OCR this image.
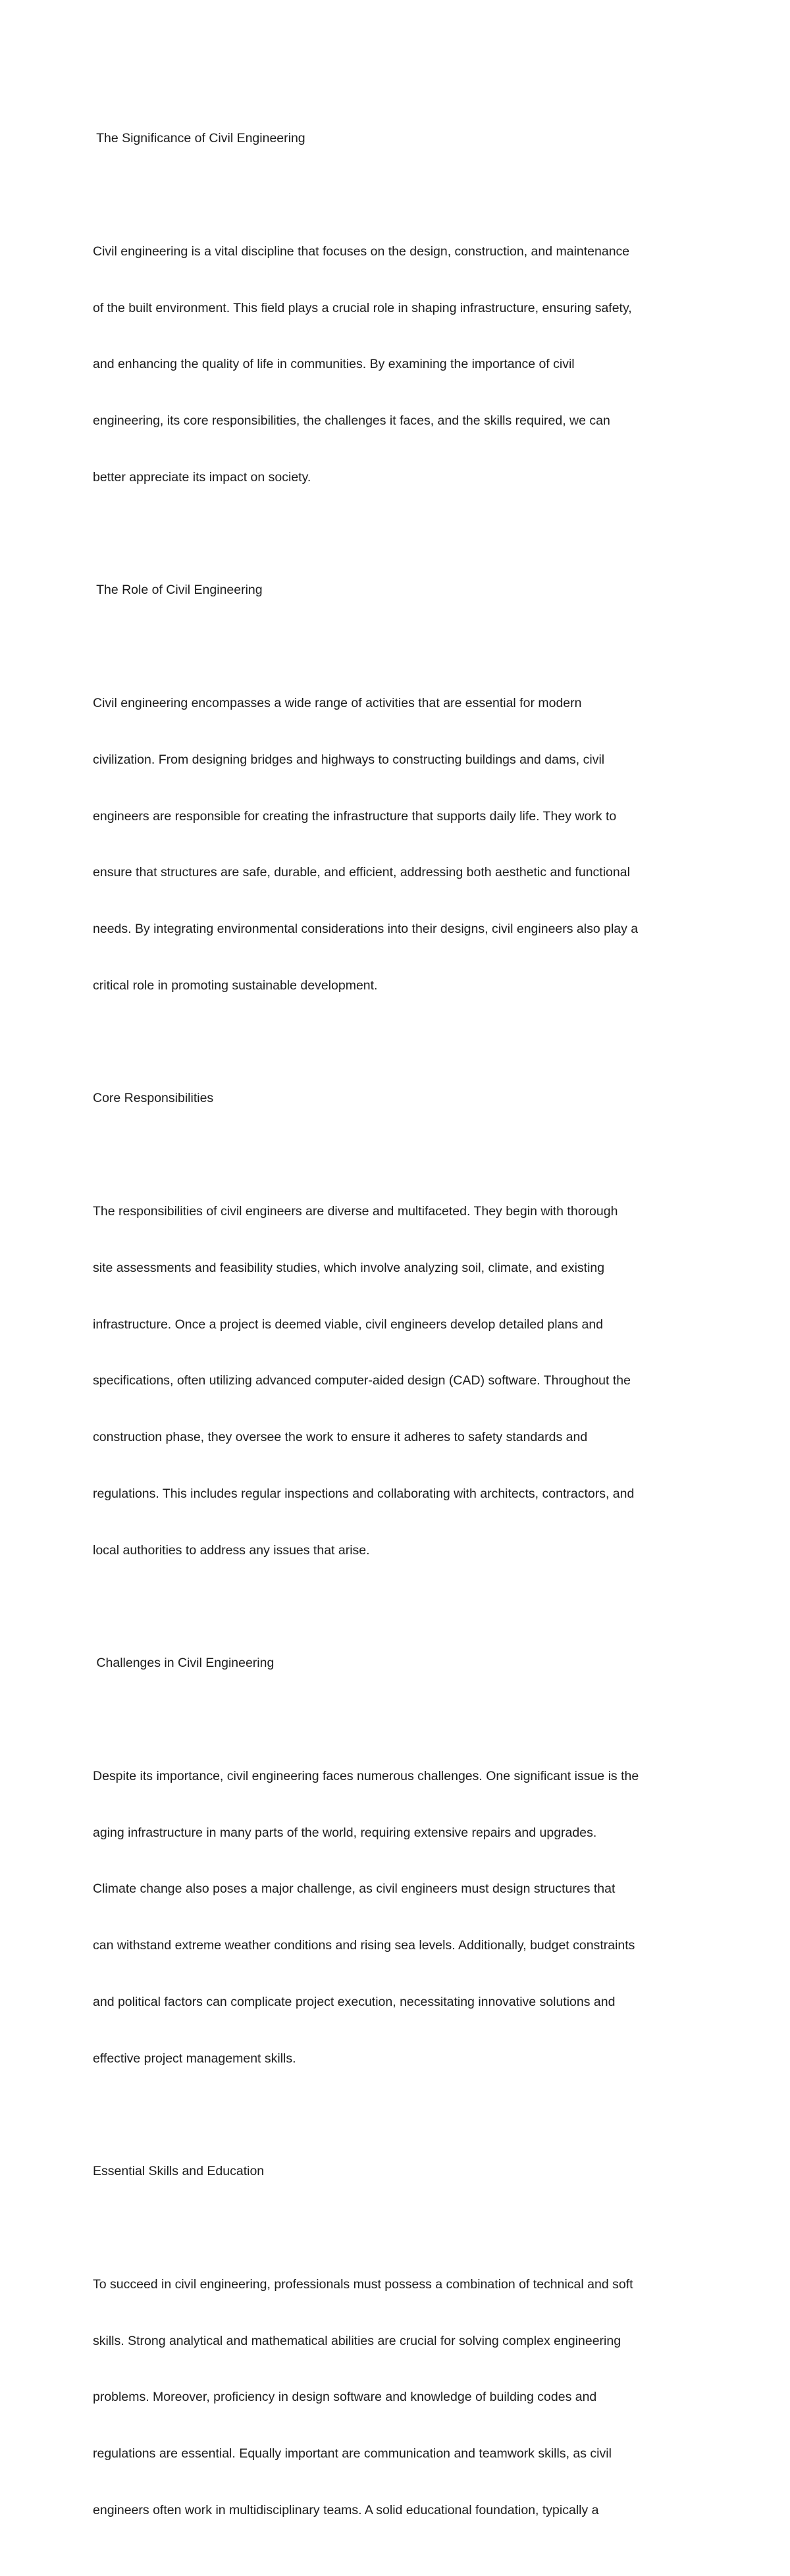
The Significance of Civil Engineering

Civil engineering is a vital discipline that focuses on the design, construction, and maintenance

of the built environment. This field plays a crucial role in shaping infrastructure, ensuring safety,

and enhancing the quality of life in communities. By examining the importance of civil

engineering, its core responsibilities, the challenges it faces, and the skills required, we can

better appreciate its impact on society.

The Role of Civil Engineering

Civil engineering encompasses a wide range of activities that are essential for modern

civilization. From designing bridges and highways to constructing buildings and dams, civil

engineers are responsible for creating the infrastructure that supports daily life. They work to

ensure that structures are safe, durable, and efficient, addressing both aesthetic and functional

needs. By integrating environmental considerations into their designs, civil engineers also play a

critical role in promoting sustainable development.

Core Responsibilities

The responsibilities of civil engineers are diverse and multifaceted. They begin with thorough

site assessments and feasibility studies, which involve analyzing soil, climate, and existing

infrastructure. Once a project is deemed viable, civil engineers develop detailed plans and

specifications, often utilizing advanced computer-aided design (CAD) software. Throughout the

construction phase, they oversee the work to ensure it adheres to safety standards and

regulations. This includes regular inspections and collaborating with architects, contractors, and

local authorities to address any issues that arise.

Challenges in Civil Engineering

Despite its importance, civil engineering faces numerous challenges. One significant issue is the

aging infrastructure in many parts of the world, requiring extensive repairs and upgrades.

Climate change also poses a major challenge, as civil engineers must design structures that

can withstand extreme weather conditions and rising sea levels. Additionally, budget constraints

and political factors can complicate project execution, necessitating innovative solutions and

effective project management skills.

Essential Skills and Education

To succeed in civil engineering, professionals must possess a combination of technical and soft

skills. Strong analytical and mathematical abilities are crucial for solving complex engineering

problems. Moreover, proficiency in design software and knowledge of building codes and

regulations are essential. Equally important are communication and teamwork skills, as civil

engineers often work in multidisciplinary teams. A solid educational foundation, typically a
